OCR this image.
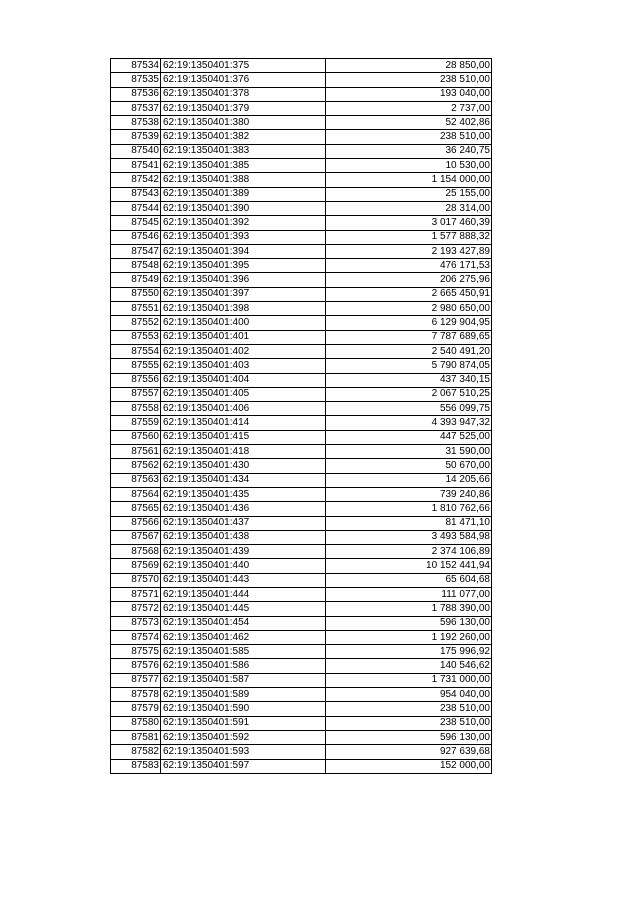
87534	62:19:1350401:375	28 850,00
87535	62:19:1350401:376	238 510,00
87536	62:19:1350401:378	193 040,00
87537	62:19:1350401:379	2 737,00
87538	62:19:1350401:380	52 402,86
87539	62:19:1350401:382	238 510,00
87540	62:19:1350401:383	36 240,75
87541	62:19:1350401:385	10 530,00
87542	62:19:1350401:388	1 154 000,00
87543	62:19:1350401:389	25 155,00
87544	62:19:1350401:390	28 314,00
87545	62:19:1350401:392	3 017 460,39
87546	62:19:1350401:393	1 577 888,32
87547	62:19:1350401:394	2 193 427,89
87548	62:19:1350401:395	476 171,53
87549	62:19:1350401:396	206 275,96
87550	62:19:1350401:397	2 665 450,91
87551	62:19:1350401:398	2 980 650,00
87552	62:19:1350401:400	6 129 904,95
87553	62:19:1350401:401	7 787 689,65
87554	62:19:1350401:402	2 540 491,20
87555	62:19:1350401:403	5 790 874,05
87556	62:19:1350401:404	437 340,15
87557	62:19:1350401:405	2 067 510,25
87558	62:19:1350401:406	556 099,75
87559	62:19:1350401:414	4 393 947,32
87560	62:19:1350401:415	447 525,00
87561	62:19:1350401:418	31 590,00
87562	62:19:1350401:430	50 670,00
87563	62:19:1350401:434	14 205,66
87564	62:19:1350401:435	739 240,86
87565	62:19:1350401:436	1 810 762,66
87566	62:19:1350401:437	81 471,10
87567	62:19:1350401:438	3 493 584,98
87568	62:19:1350401:439	2 374 106,89
87569	62:19:1350401:440	10 152 441,94
87570	62:19:1350401:443	65 604,68
87571	62:19:1350401:444	111 077,00
87572	62:19:1350401:445	1 788 390,00
87573	62:19:1350401:454	596 130,00
87574	62:19:1350401:462	1 192 260,00
87575	62:19:1350401:585	175 996,92
87576	62:19:1350401:586	140 546,62
87577	62:19:1350401:587	1 731 000,00
87578	62:19:1350401:589	954 040,00
87579	62:19:1350401:590	238 510,00
87580	62:19:1350401:591	238 510,00
87581	62:19:1350401:592	596 130,00
87582	62:19:1350401:593	927 639,68
87583	62:19:1350401:597	152 000,00
